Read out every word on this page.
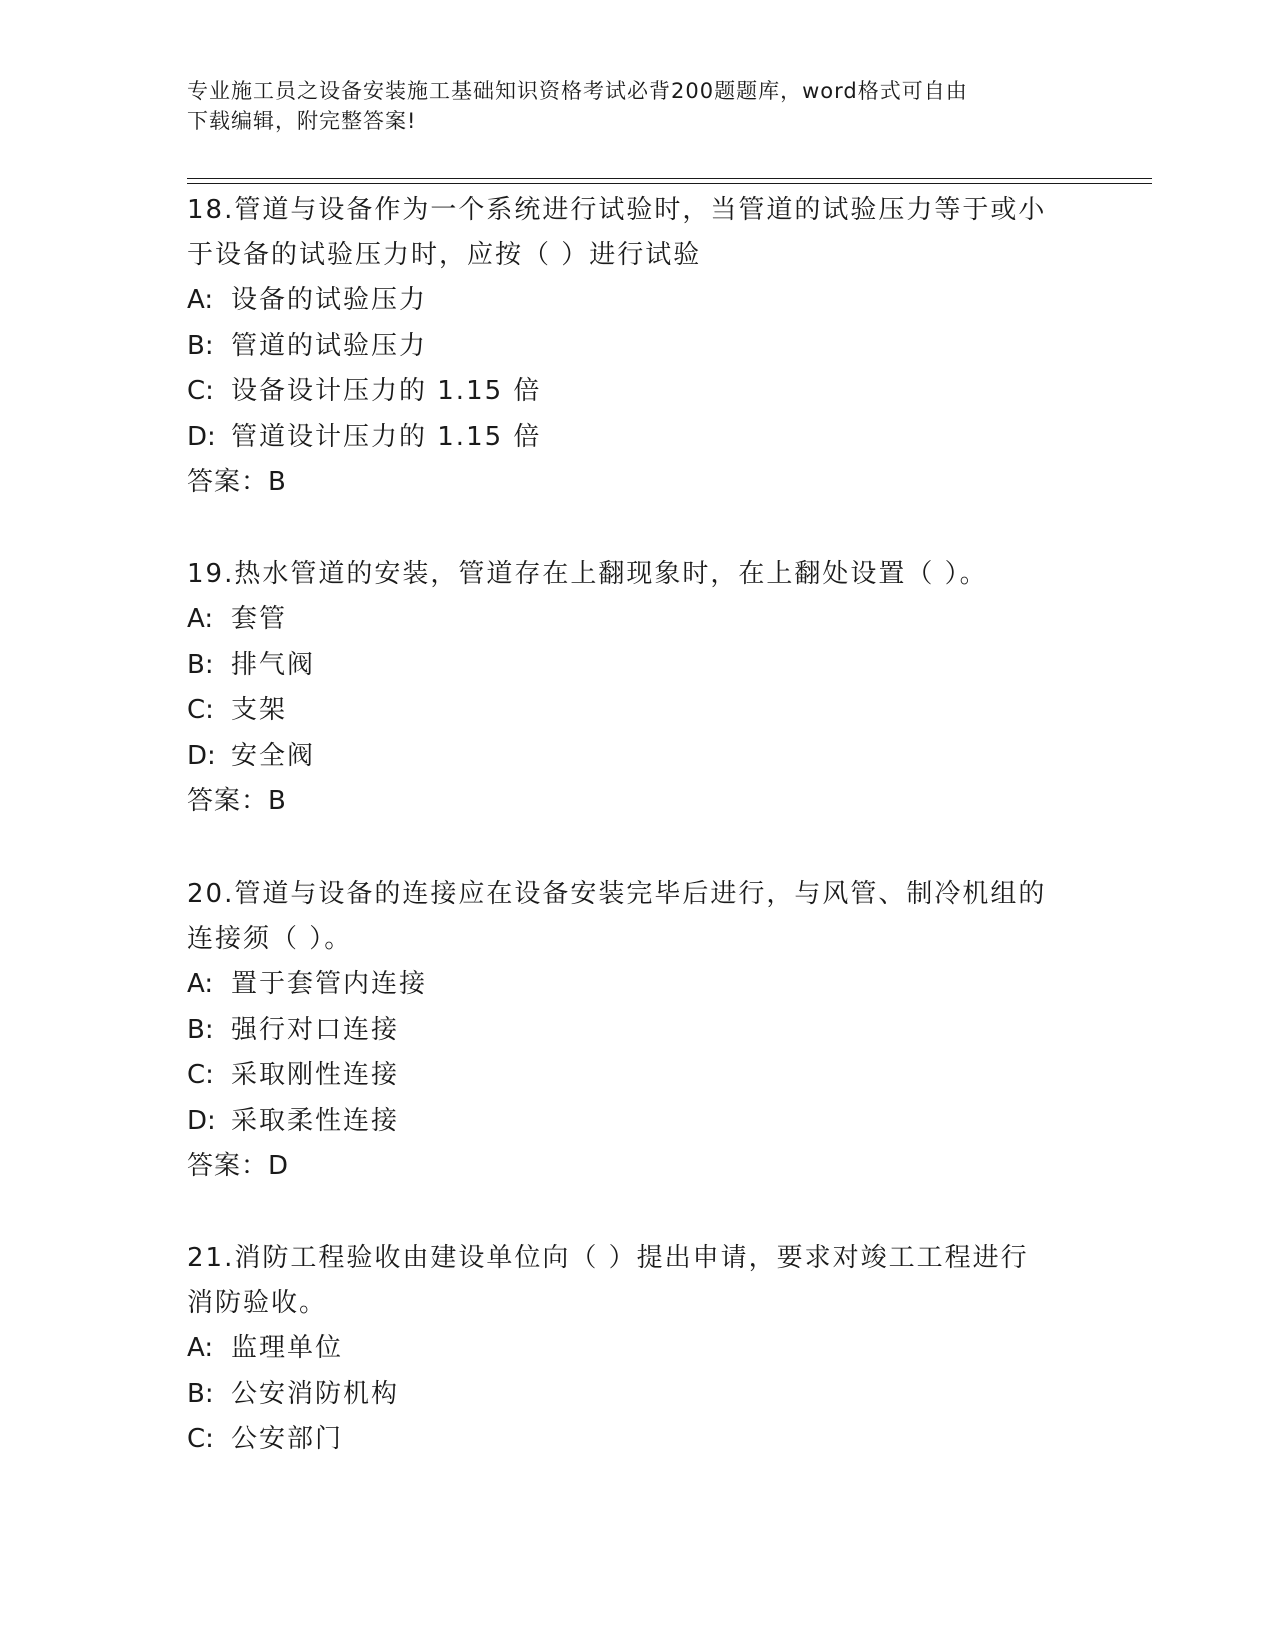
专业施工员之设备安装施工基础知识资格考试必背200题题库，word格式可自由
下载编辑，附完整答案!

18.管道与设备作为一个系统进行试验时，当管道的试验压力等于或小

于设备的试验压力时，应按（ ）进行试验

A: 设备的试验压力

B: 管道的试验压力

C: 设备设计压力的 1.15 倍

D: 管道设计压力的 1.15 倍

答案：B

19.热水管道的安装，管道存在上翻现象时，在上翻处设置（ ）。

A: 套管

B: 排气阀

C: 支架

D: 安全阀

答案：B

20.管道与设备的连接应在设备安装完毕后进行，与风管、制冷机组的

连接须（ ）。

A: 置于套管内连接

B: 强行对口连接

C: 采取刚性连接

D: 采取柔性连接

答案：D

21.消防工程验收由建设单位向（ ）提出申请，要求对竣工工程进行

消防验收。

A: 监理单位

B: 公安消防机构

C: 公安部门
